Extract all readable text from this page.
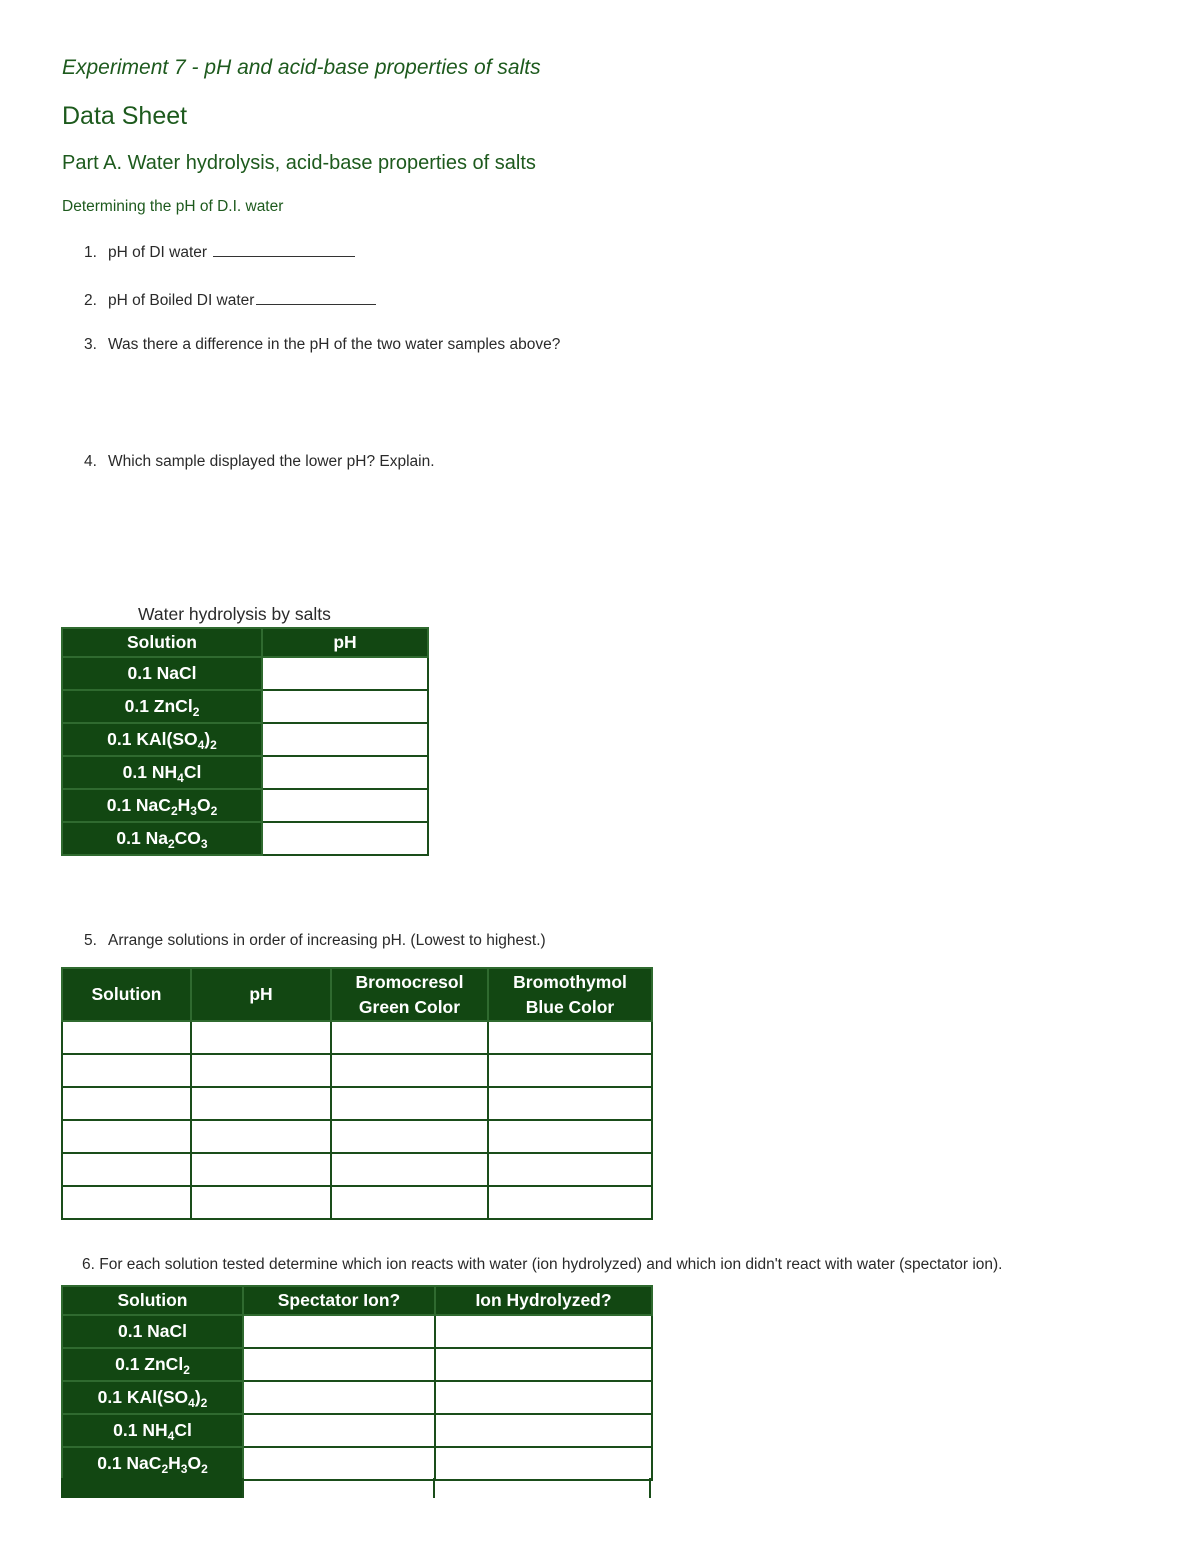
Experiment 7 - pH and acid-base properties of salts
Data Sheet
Part A. Water hydrolysis, acid-base properties of salts
Determining the pH of D.I. water
1. pH of DI water
2. pH of Boiled DI water
3. Was there a difference in the pH of the two water samples above?
4. Which sample displayed the lower pH? Explain.
Water hydrolysis by salts
Solution	pH
0.1 NaCl	
0.1 ZnCl$_2$	
0.1 $KAl(SO_4)_2$	
0.1 $NH_4Cl$	
0.1 $NaC_2H_3O_2$	
0.1 $Na_2CO_3$	
5. Arrange solutions in order of increasing pH. (Lowest to highest.)
Solution	pH	Bromocresol Green Color	Bromothymol Blue Color

6. For each solution tested determine which ion reacts with water (ion hydrolyzed) and which ion didn't react with water (spectator ion).
Solution	Spectator Ion?	Ion Hydrolyzed?
0.1 NaCl		
0.1 ZnCl$_2$		
0.1 $KAl(SO_4)_2$		
0.1 $NH_4Cl$		
0.1 $NaC_2H_3O_2$		
